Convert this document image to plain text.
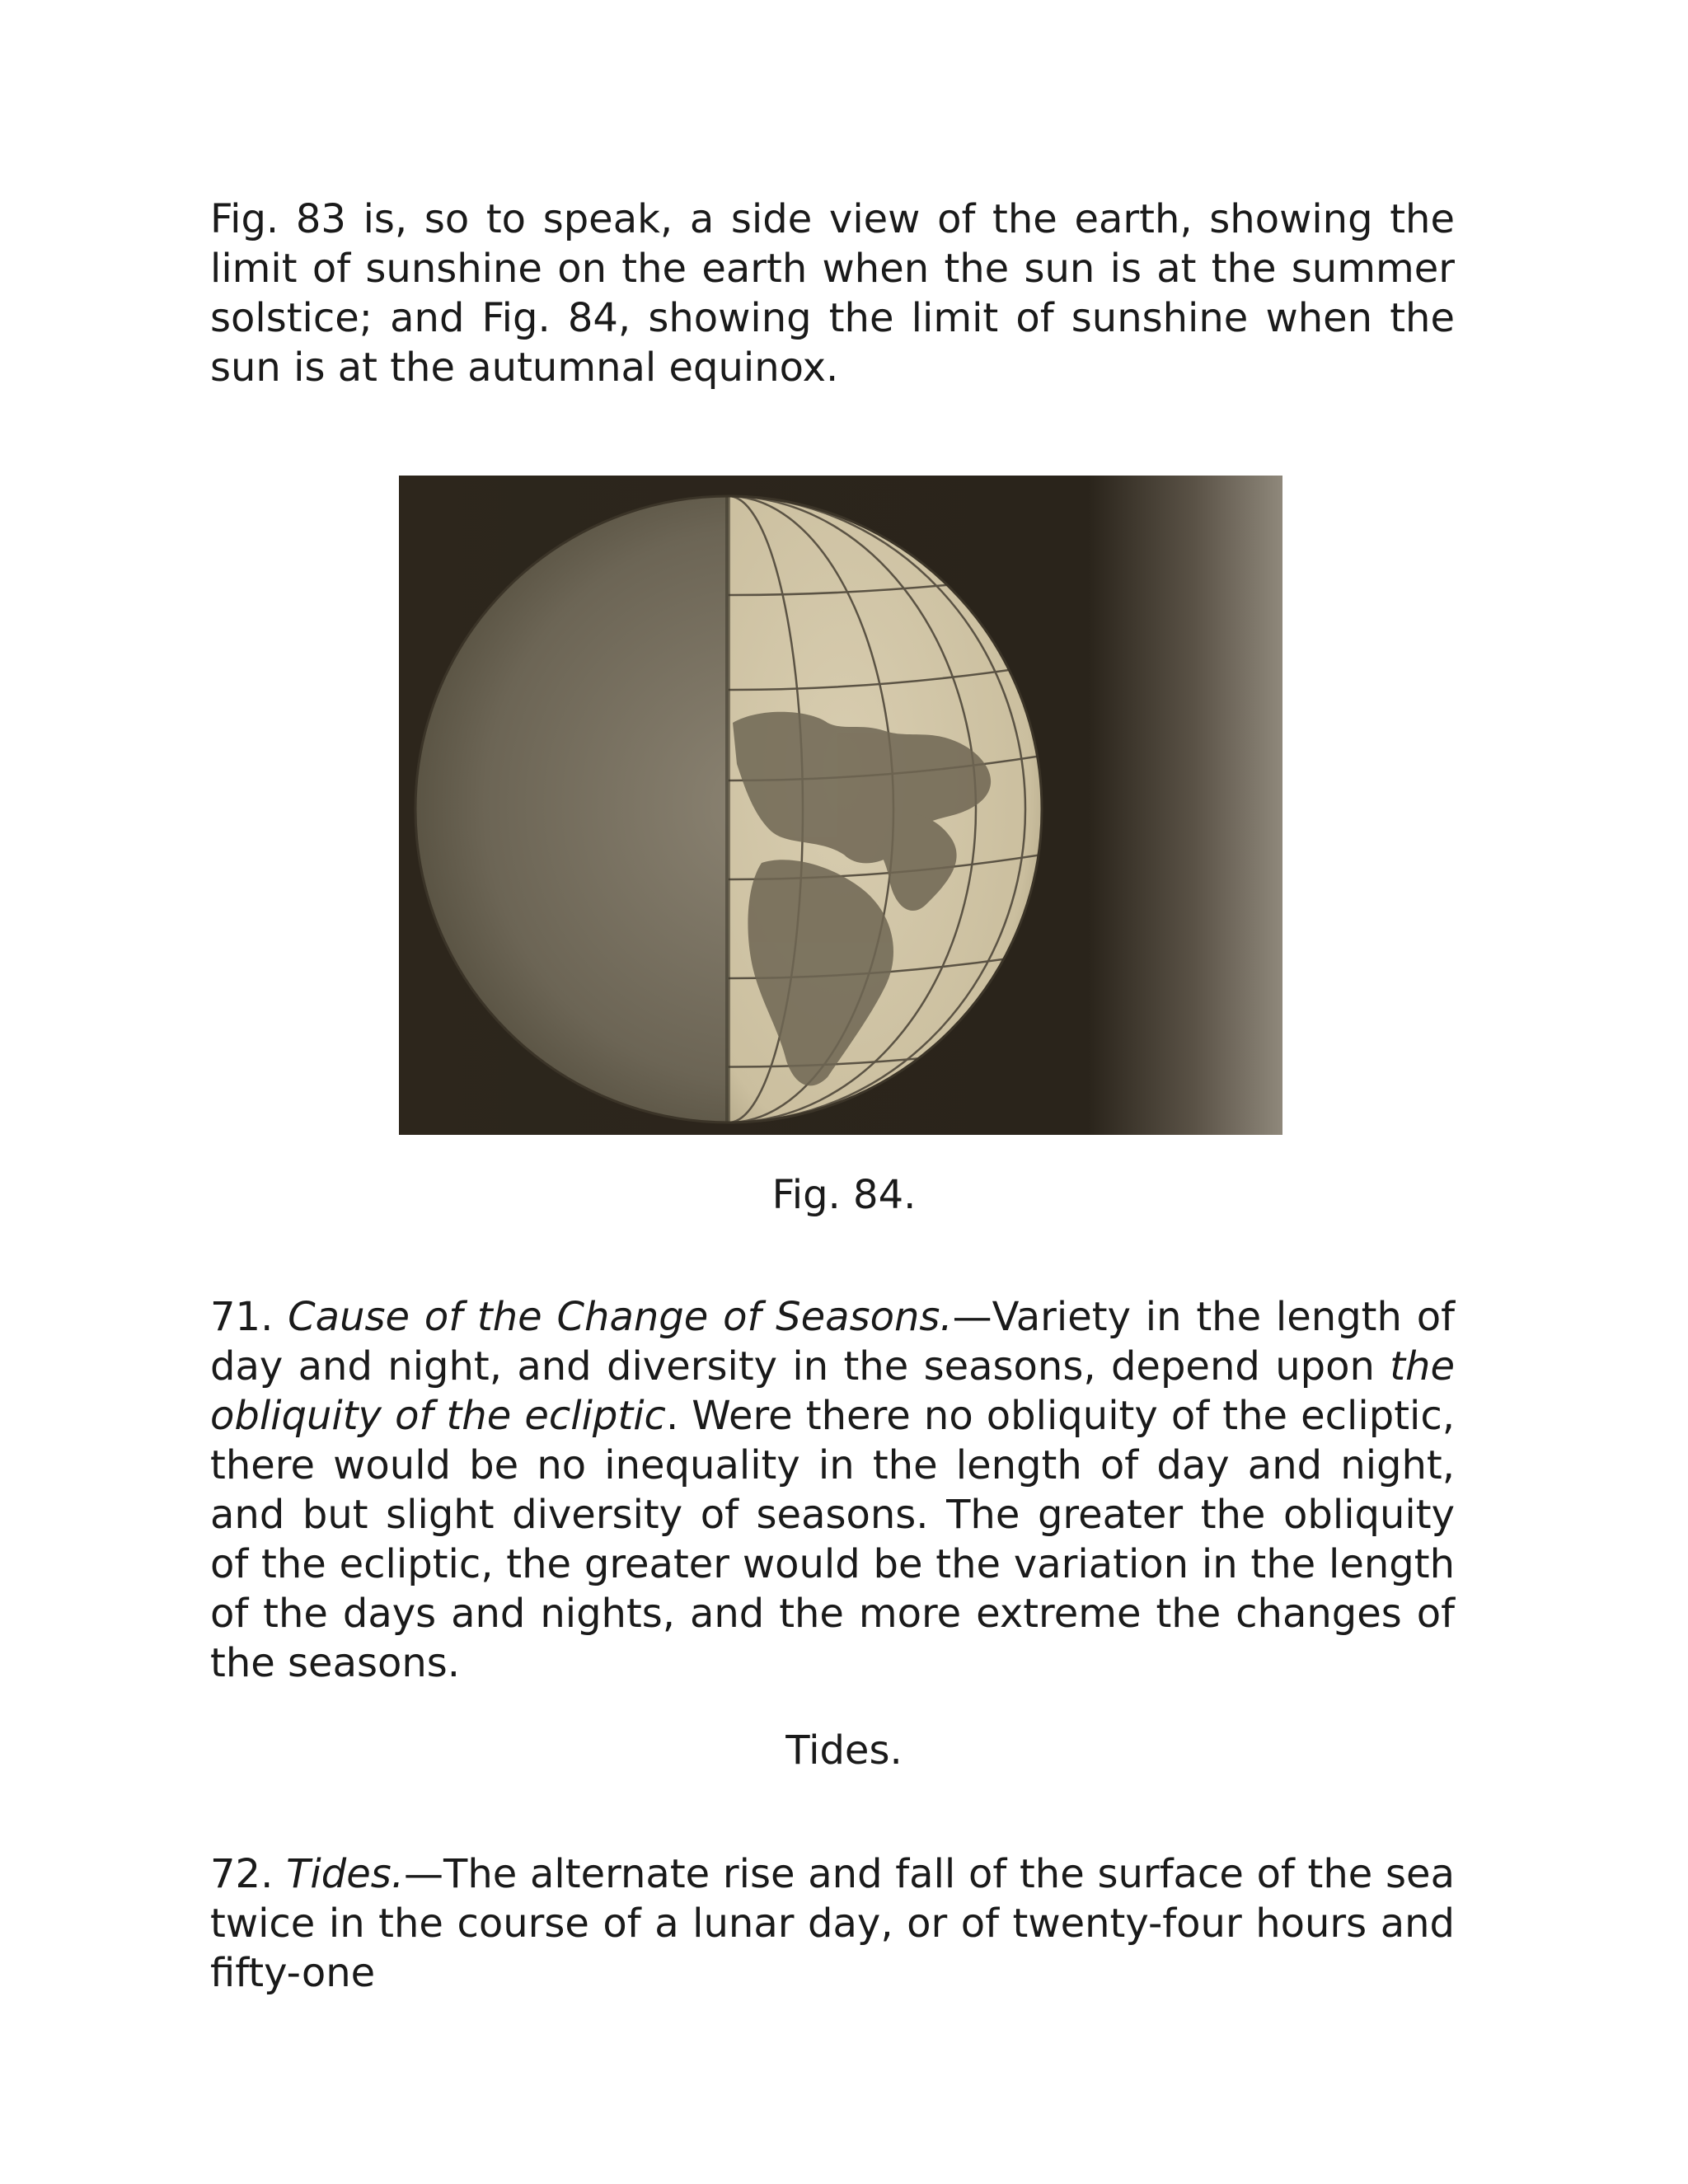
Fig. 83 is, so to speak, a side view of the earth, showing the limit of sunshine on the earth when the sun is at the summer solstice; and Fig. 84, showing the limit of sunshine when the sun is at the autumnal equinox.

Fig. 84.

71. Cause of the Change of Seasons.—Variety in the length of day and night, and diversity in the seasons, depend upon the obliquity of the ecliptic. Were there no obliquity of the ecliptic, there would be no inequality in the length of day and night, and but slight diversity of seasons. The greater the obliquity of the ecliptic, the greater would be the variation in the length of the days and nights, and the more extreme the changes of the seasons.

Tides.

72. Tides.—The alternate rise and fall of the surface of the sea twice in the course of a lunar day, or of twenty-four hours and fifty-one
